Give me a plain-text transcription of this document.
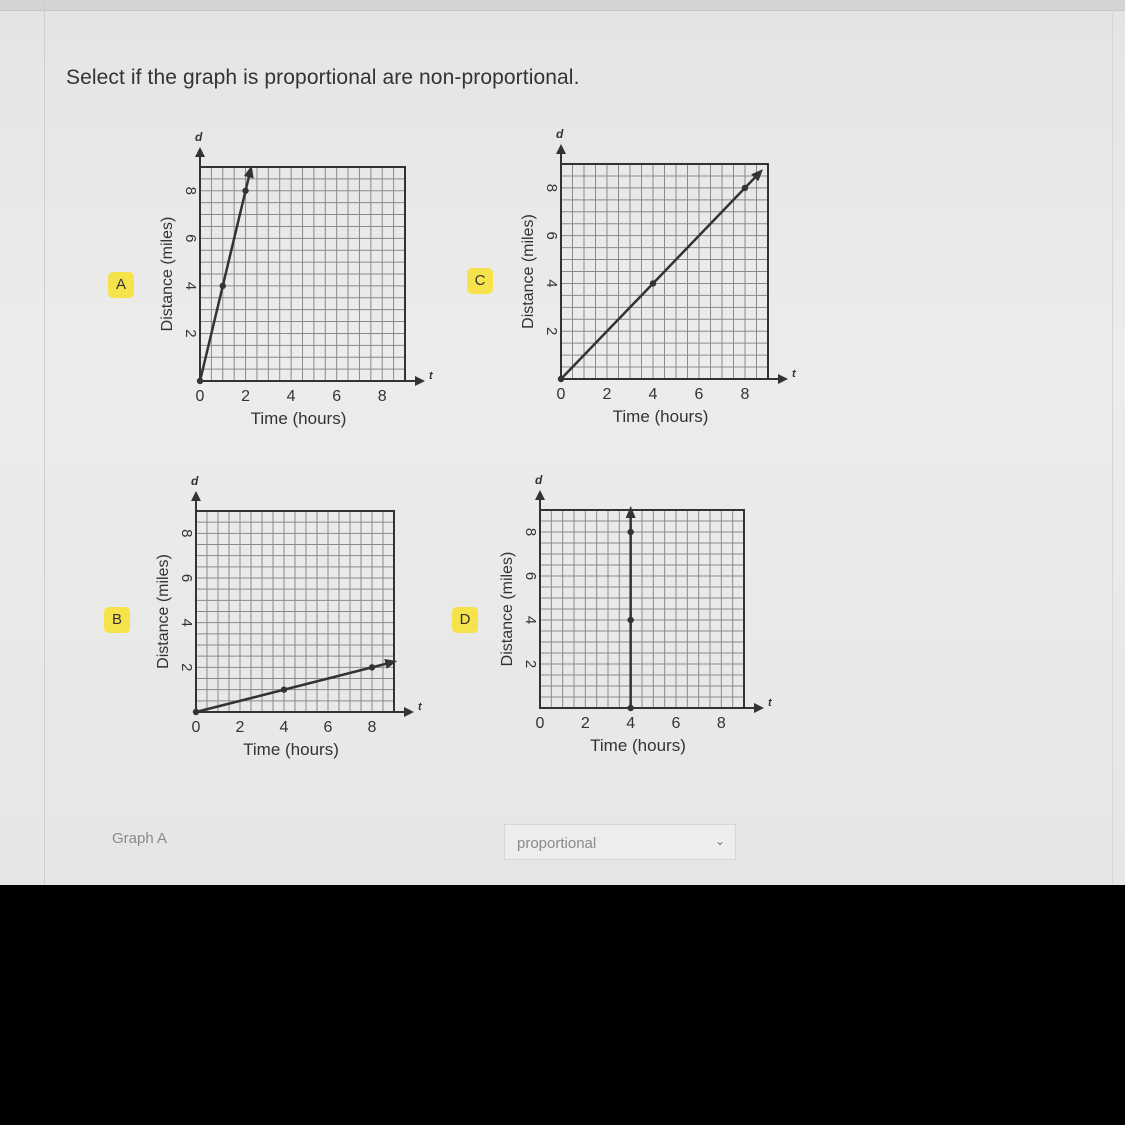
Select if the graph is proportional are non-proportional.
A	C
B	D
t
d
0 2 4 6 8
2
4
6
8
Time (hours)
Distance (miles)
t
d
0 2 4 6 8
2
4
6
8
Time (hours)
Distance (miles)
t
d
0 2 4 6 8
2
4
6
8
Time (hours)
Distance (miles)
t
d
0 2 4 6 8
2
4
6
8
Time (hours)
Distance (miles)
Graph A	proportional	⌄
